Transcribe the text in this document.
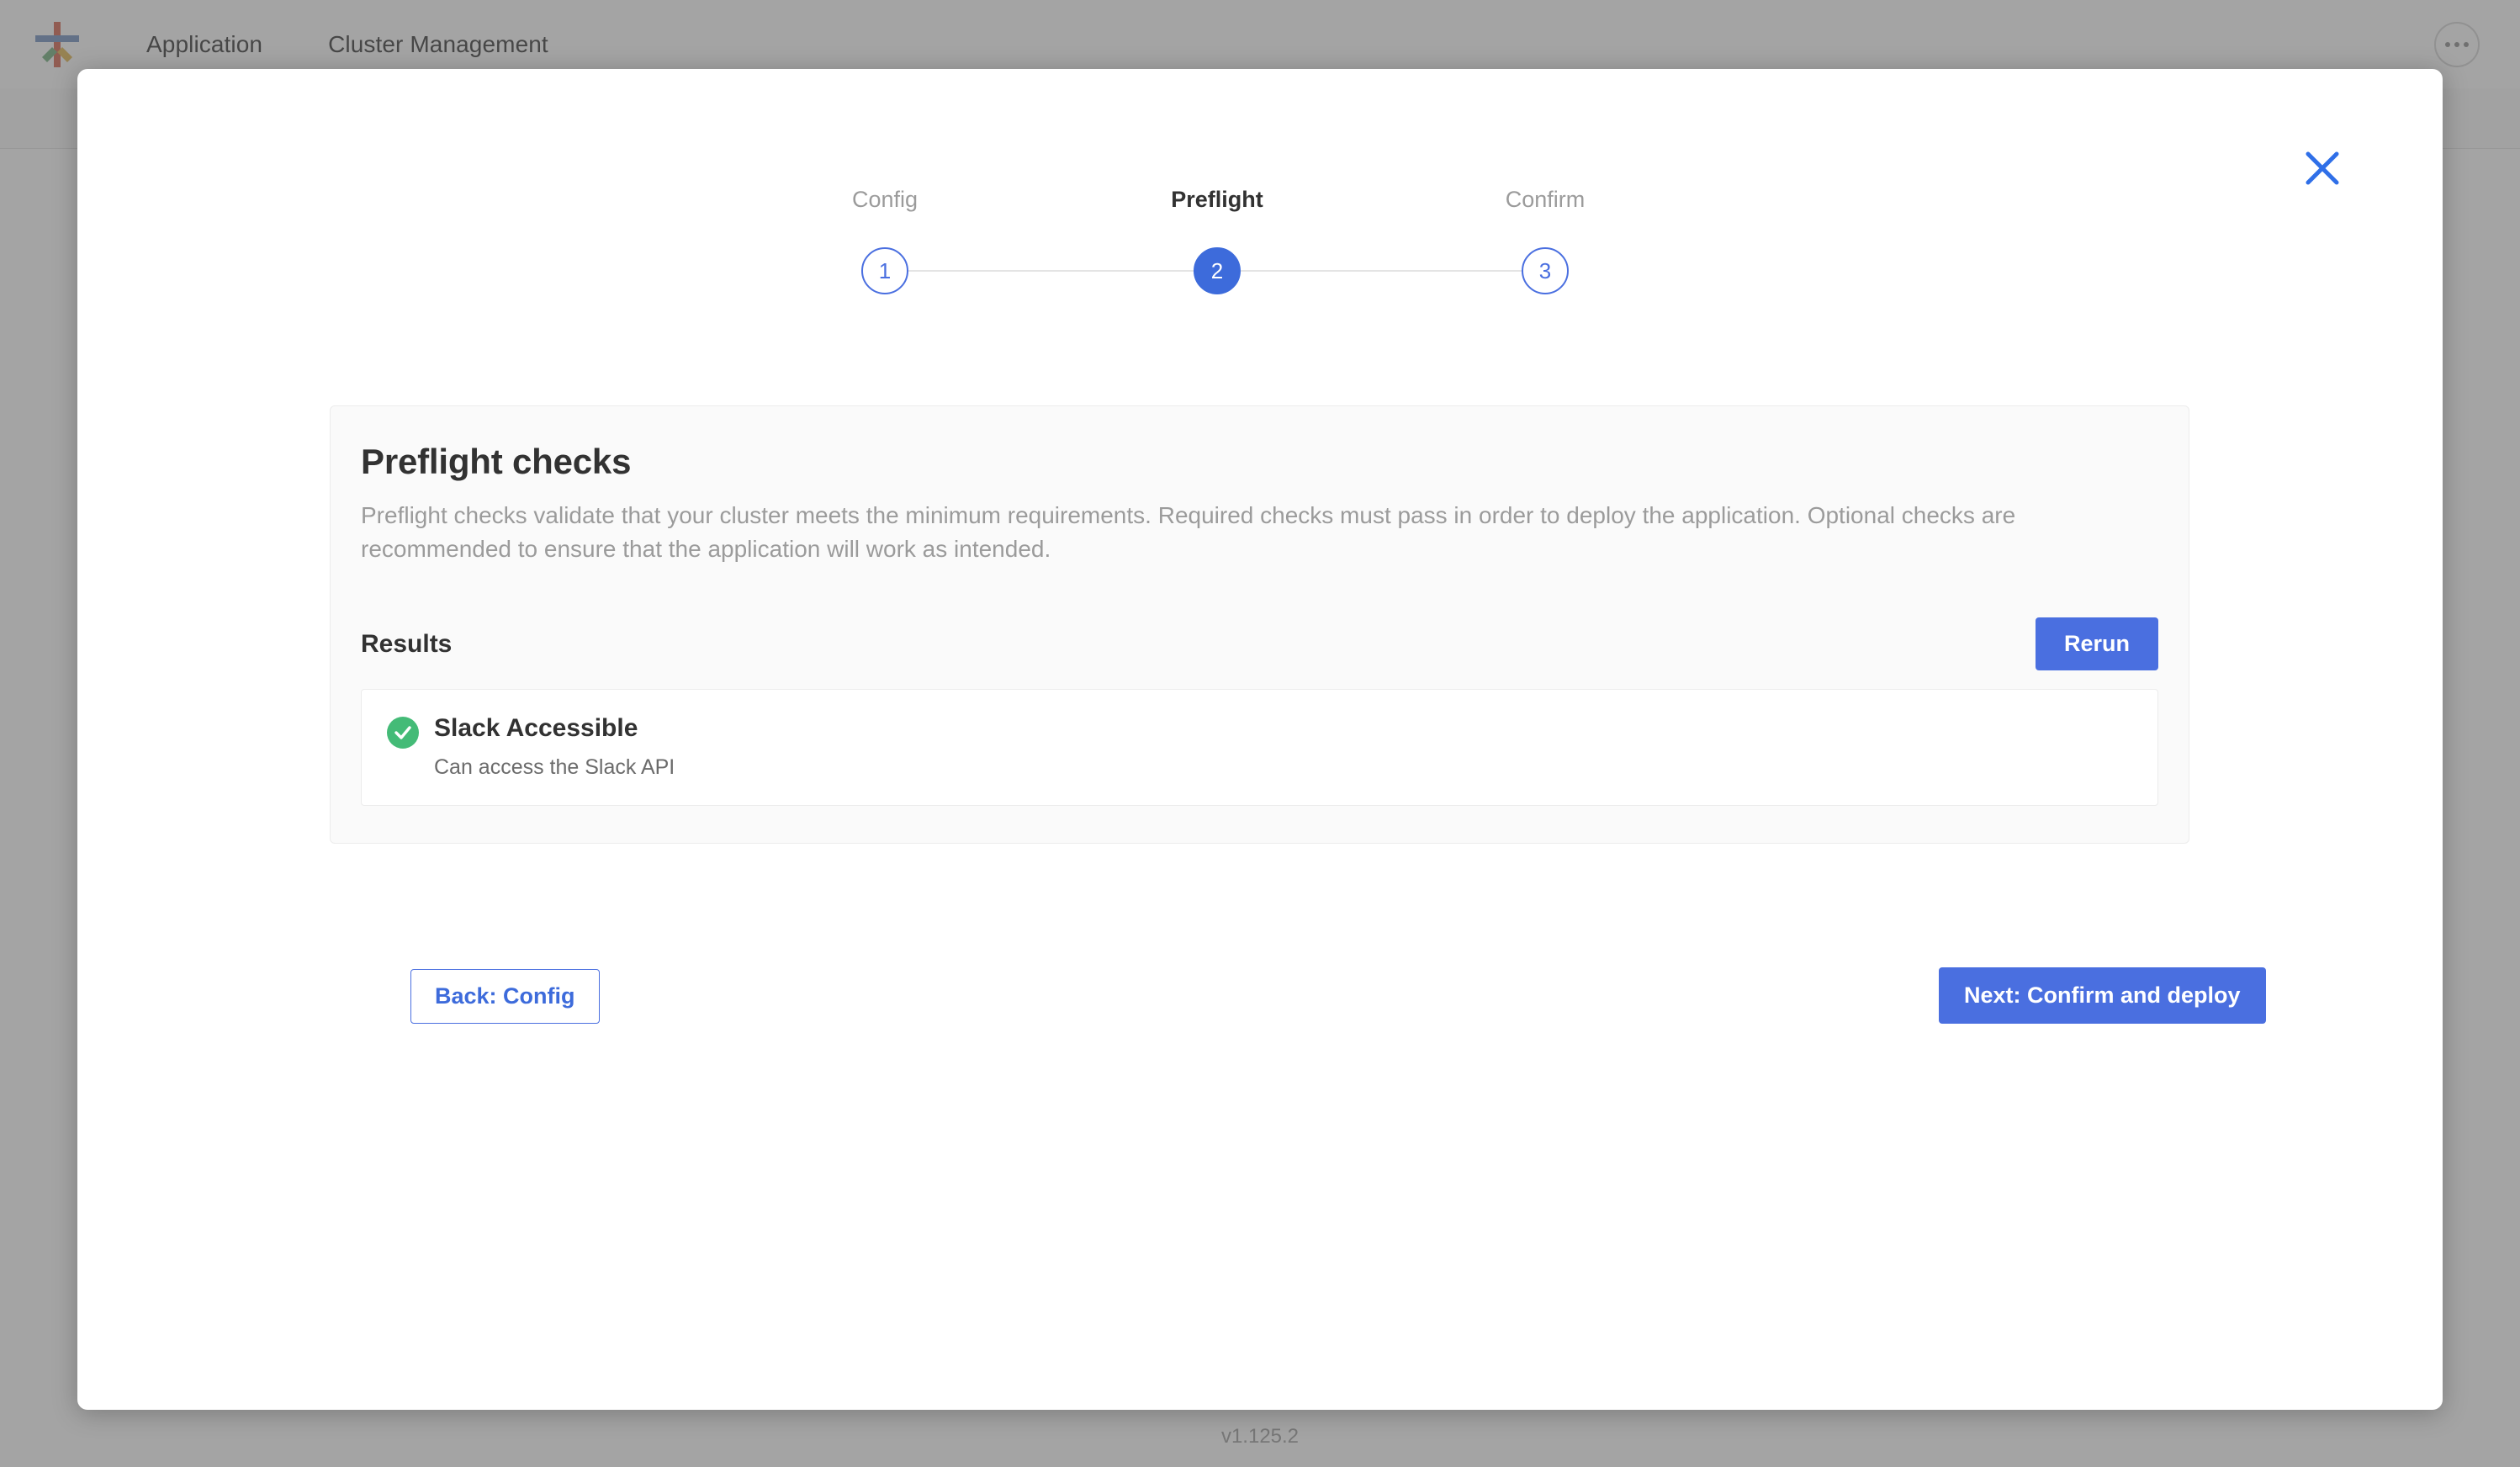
Config	Preflight	Confirm
1	2	3
Preflight checks
Preflight checks validate that your cluster meets the minimum requirements. Required checks must pass in order to deploy the application. Optional checks are recommended to ensure that the application will work as intended.
Results	Rerun
Slack Accessible
Can access the Slack API
Back: Config	Next: Confirm and deploy
